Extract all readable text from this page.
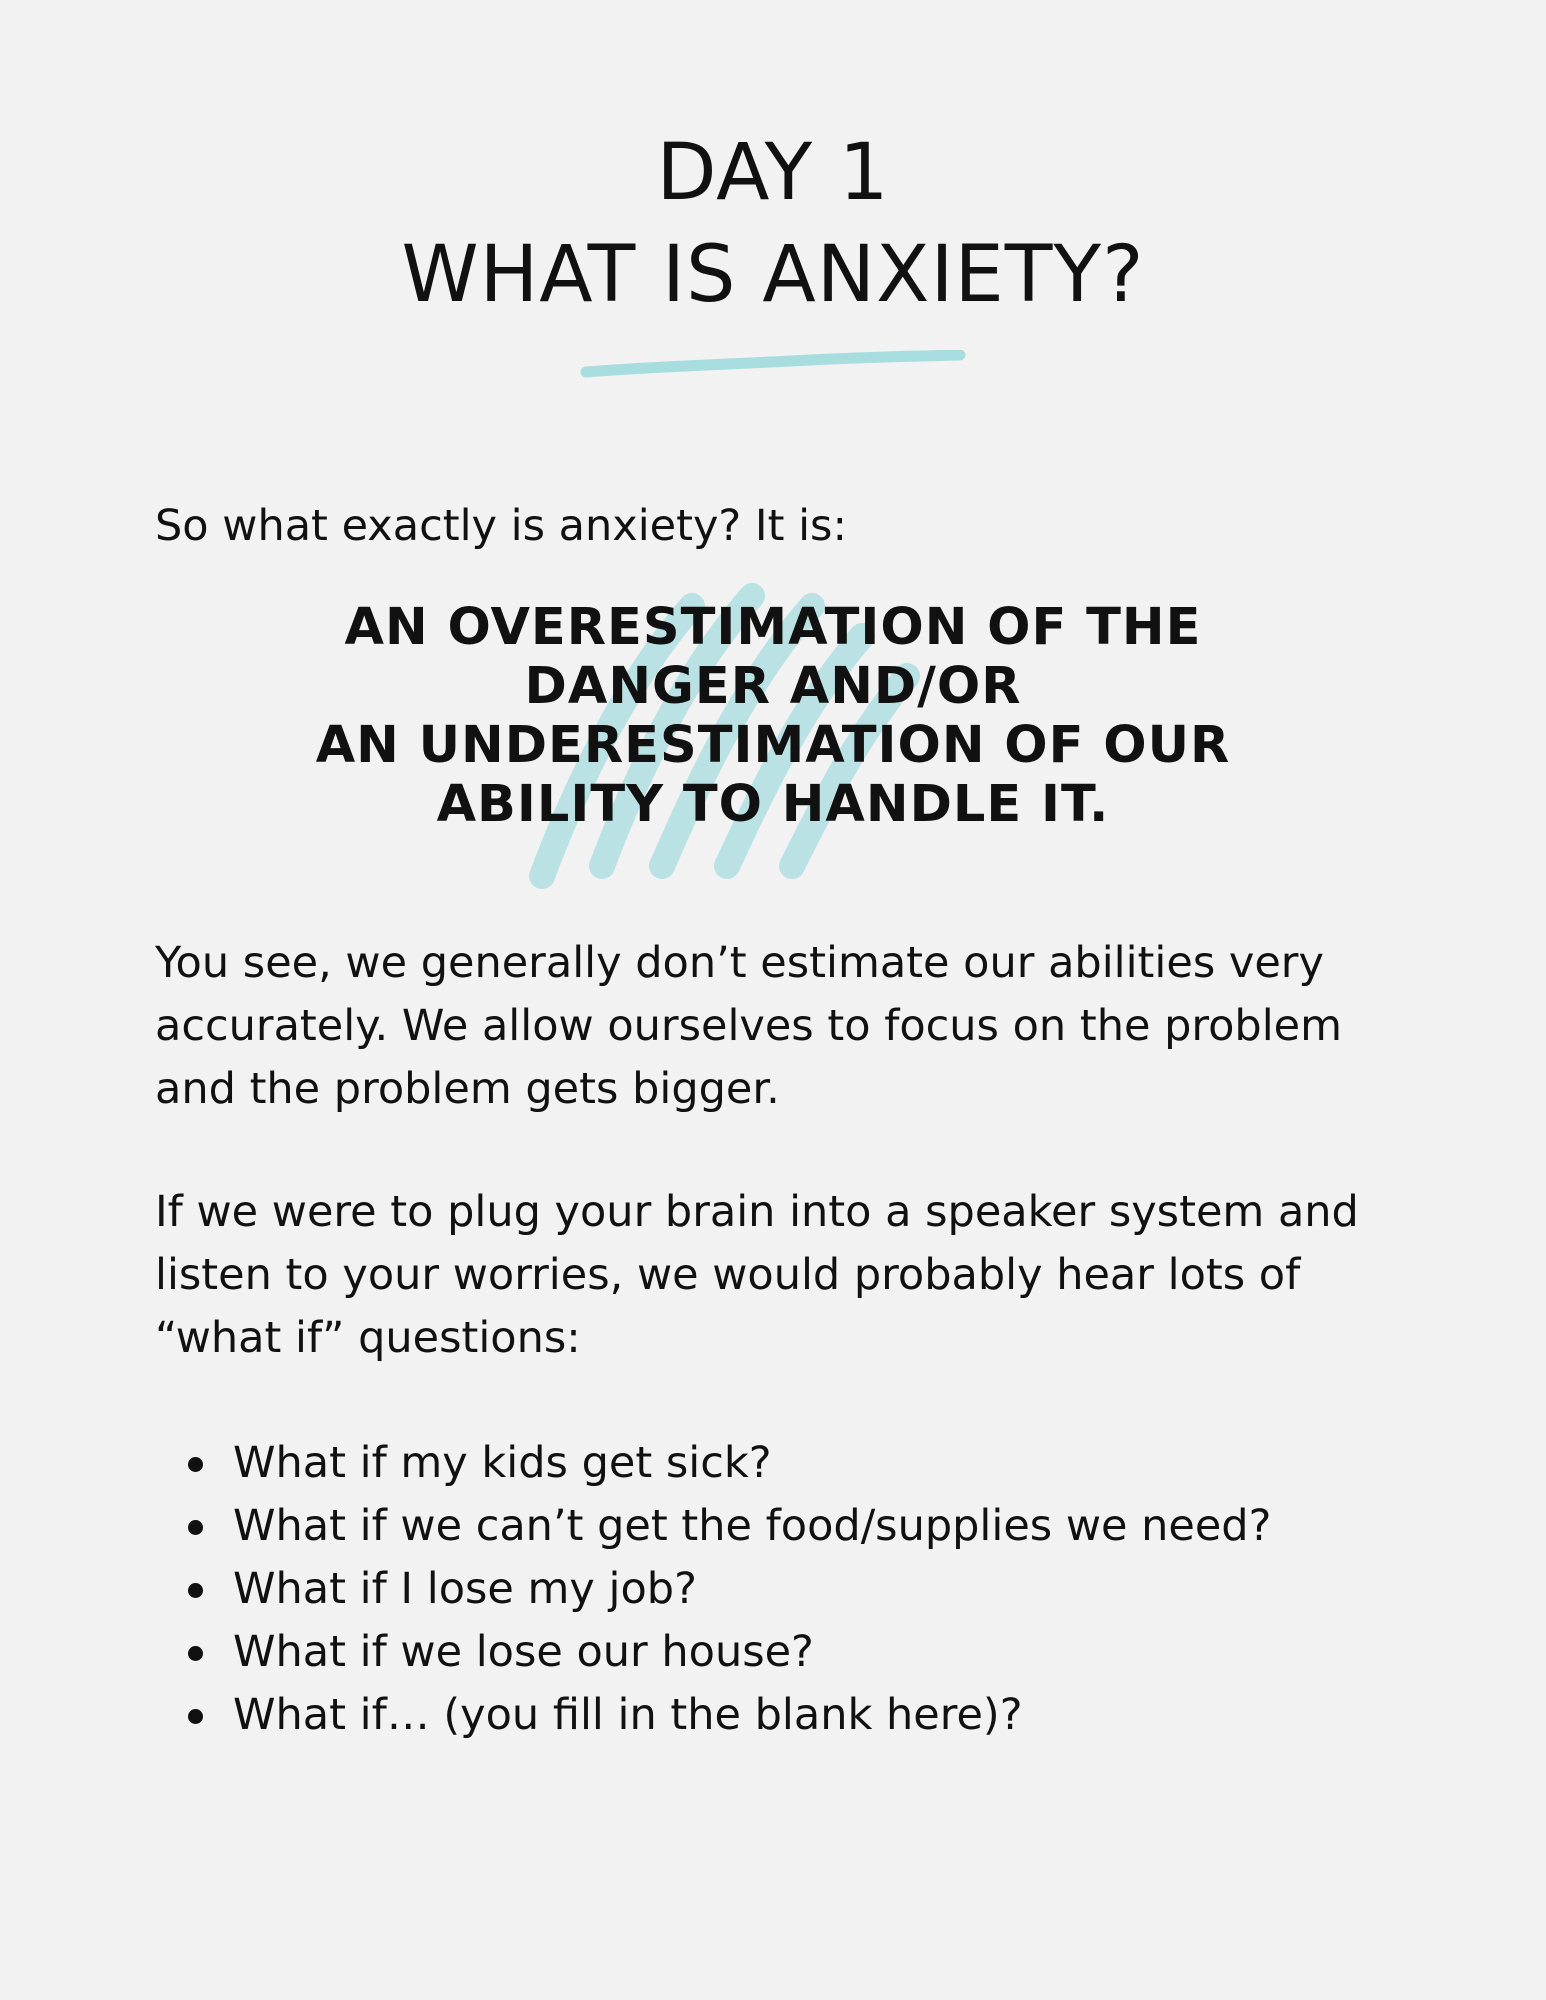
DAY 1

WHAT IS ANXIETY?

So what exactly is anxiety? It is:

AN OVERESTIMATION OF THE
DANGER AND/OR
AN UNDERESTIMATION OF OUR
ABILITY TO HANDLE IT.

You see, we generally don’t estimate our abilities very accurately. We allow ourselves to focus on the problem and the problem gets bigger.

If we were to plug your brain into a speaker system and listen to your worries, we would probably hear lots of “what if” questions:

What if my kids get sick?
What if we can’t get the food/supplies we need?
What if I lose my job?
What if we lose our house?
What if… (you fill in the blank here)?
